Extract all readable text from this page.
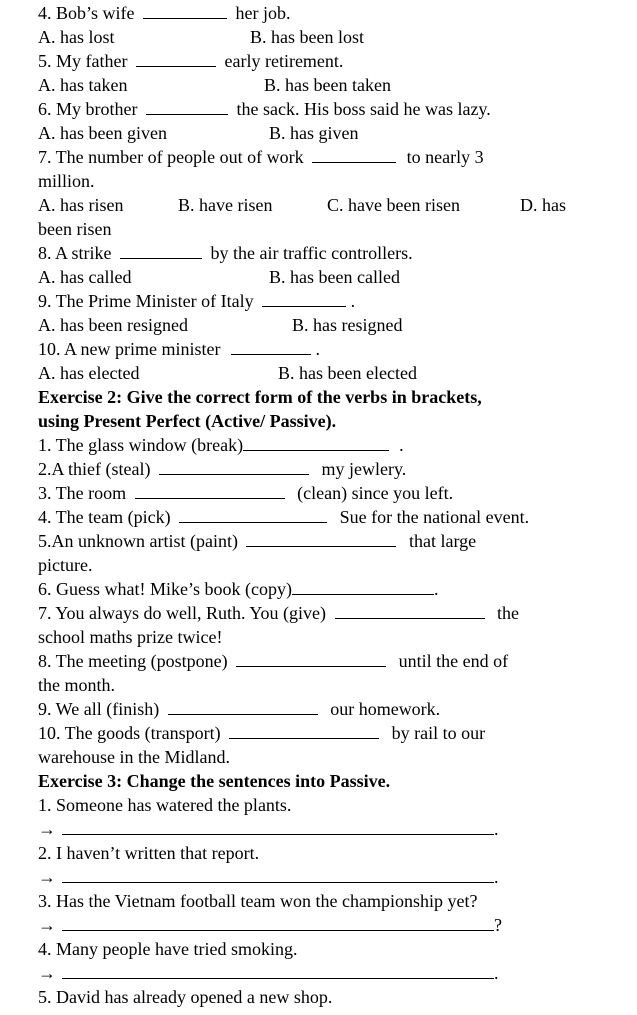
4. Bob’s wife	her job.
A. has lost	B. has been lost
5. My father	early retirement.
A. has taken	B. has been taken
6. My brother	the sack. His boss said he was lazy.
A. has been given	B. has given
7. The number of people out of work	to nearly 3
million.
A. has risen	B. have risen	C. have been risen	D. has
been risen
8. A strike	by the air traffic controllers.
A. has called	B. has been called
9. The Prime Minister of Italy	.
A. has been resigned	B. has resigned
10. A new prime minister	.
A. has elected	B. has been elected
Exercise 2: Give the correct form of the verbs in brackets,
using Present Perfect (Active/ Passive).
1. The glass window (break)	.
2.A thief (steal)	my jewlery.
3. The room	(clean) since you left.
4. The team (pick)	Sue for the national event.
5.An unknown artist (paint)	that large
picture.
6. Guess what! Mike’s book (copy)	.
7. You always do well, Ruth. You (give)	the
school maths prize twice!
8. The meeting (postpone)	until the end of
the month.
9. We all (finish)	our homework.
10. The goods (transport)	by rail to our
warehouse in the Midland.
Exercise 3: Change the sentences into Passive.
1. Someone has watered the plants.
→	.
2. I haven’t written that report.
→	.
3. Has the Vietnam football team won the championship yet?
→	?
4. Many people have tried smoking.
→	.
5. David has already opened a new shop.
